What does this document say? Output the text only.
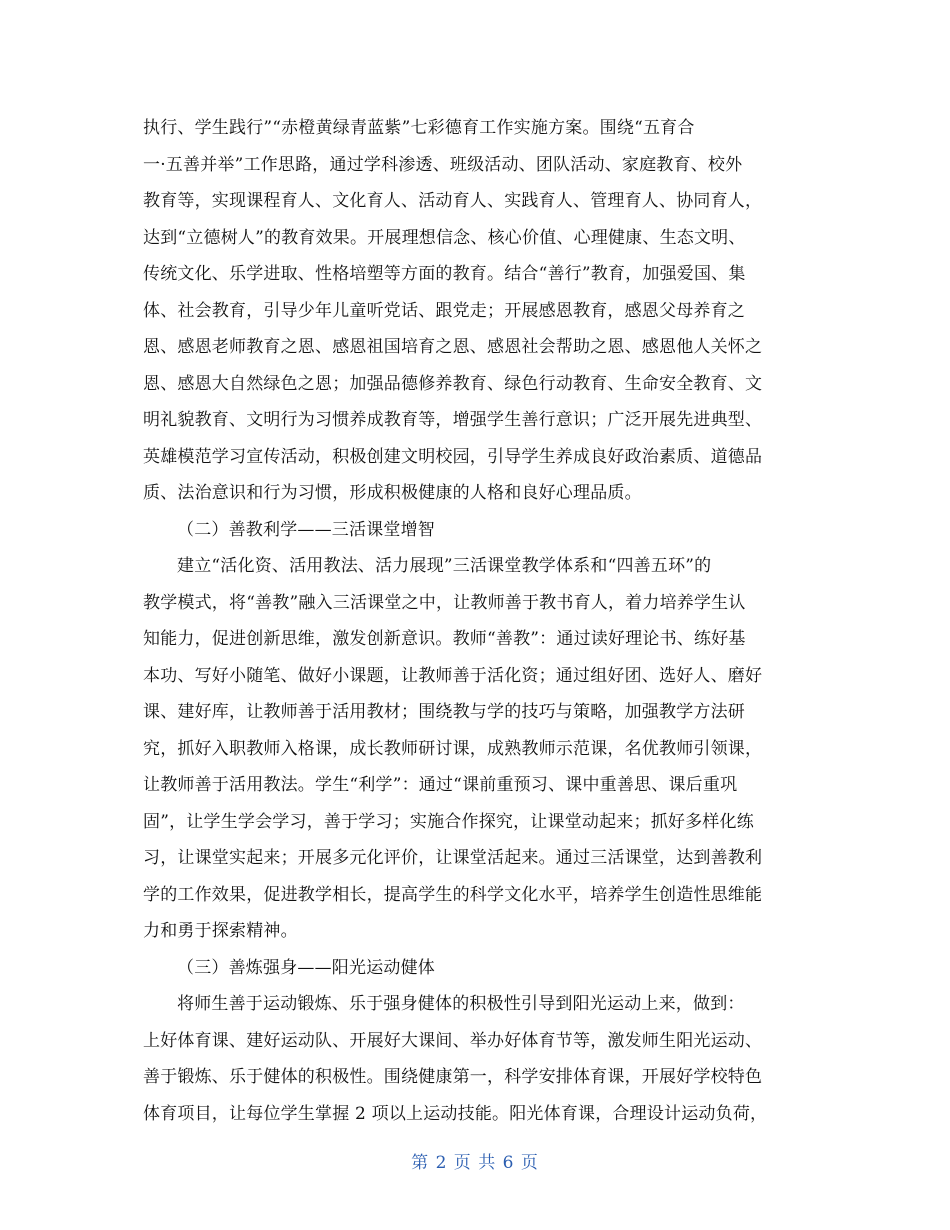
执行、学生践行”“赤橙黄绿青蓝紫”七彩德育工作实施方案。围绕“五育合
一·五善并举”工作思路，通过学科渗透、班级活动、团队活动、家庭教育、校外
教育等，实现课程育人、文化育人、活动育人、实践育人、管理育人、协同育人，
达到“立德树人”的教育效果。开展理想信念、核心价值、心理健康、生态文明、
传统文化、乐学进取、性格培塑等方面的教育。结合“善行”教育，加强爱国、集
体、社会教育，引导少年儿童听党话、跟党走；开展感恩教育，感恩父母养育之
恩、感恩老师教育之恩、感恩祖国培育之恩、感恩社会帮助之恩、感恩他人关怀之
恩、感恩大自然绿色之恩；加强品德修养教育、绿色行动教育、生命安全教育、文
明礼貌教育、文明行为习惯养成教育等，增强学生善行意识；广泛开展先进典型、
英雄模范学习宣传活动，积极创建文明校园，引导学生养成良好政治素质、道德品
质、法治意识和行为习惯，形成积极健康的人格和良好心理品质。
（二）善教利学——三活课堂增智
建立“活化资、活用教法、活力展现”三活课堂教学体系和“四善五环”的
教学模式，将“善教”融入三活课堂之中，让教师善于教书育人，着力培养学生认
知能力，促进创新思维，激发创新意识。教师“善教”：通过读好理论书、练好基
本功、写好小随笔、做好小课题，让教师善于活化资；通过组好团、选好人、磨好
课、建好库，让教师善于活用教材；围绕教与学的技巧与策略，加强教学方法研
究，抓好入职教师入格课，成长教师研讨课，成熟教师示范课，名优教师引领课，
让教师善于活用教法。学生“利学”：通过“课前重预习、课中重善思、课后重巩
固”，让学生学会学习，善于学习；实施合作探究，让课堂动起来；抓好多样化练
习，让课堂实起来；开展多元化评价，让课堂活起来。通过三活课堂，达到善教利
学的工作效果，促进教学相长，提高学生的科学文化水平，培养学生创造性思维能
力和勇于探索精神。
（三）善炼强身——阳光运动健体
将师生善于运动锻炼、乐于强身健体的积极性引导到阳光运动上来，做到：
上好体育课、建好运动队、开展好大课间、举办好体育节等，激发师生阳光运动、
善于锻炼、乐于健体的积极性。围绕健康第一，科学安排体育课，开展好学校特色
体育项目，让每位学生掌握 2 项以上运动技能。阳光体育课，合理设计运动负荷，
第 2 页 共 6 页
